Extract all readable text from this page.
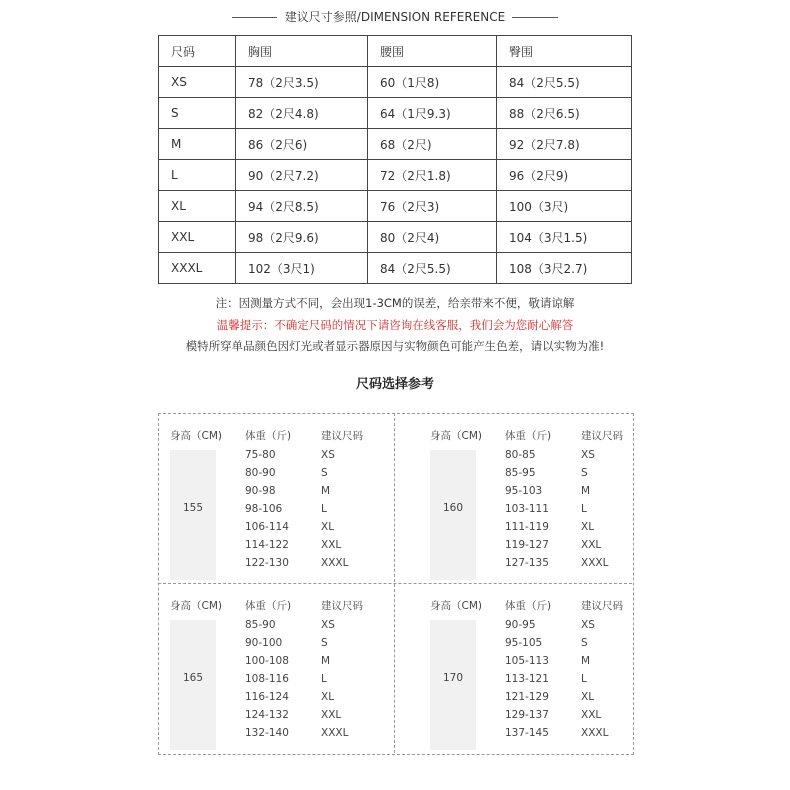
建议尺寸参照/DIMENSION REFERENCE
尺码	胸围	腰围	臀围
XS	78（2尺3.5)	60（1尺8)	84（2尺5.5)
S	82（2尺4.8)	64（1尺9.3)	88（2尺6.5)
M	86（2尺6)	68（2尺)	92（2尺7.8)
L	90（2尺7.2)	72（2尺1.8)	96（2尺9)
XL	94（2尺8.5)	76（2尺3)	100（3尺)
XXL	98（2尺9.6)	80（2尺4)	104（3尺1.5)
XXXL	102（3尺1)	84（2尺5.5)	108（3尺2.7)
注：因测量方式不同，会出现1-3CM的误差，给亲带来不便，敬请谅解
温馨提示：不确定尺码的情况下请咨询在线客服，我们会为您耐心解答
模特所穿单品颜色因灯光或者显示器原因与实物颜色可能产生色差，请以实物为准!
尺码选择参考
身高（CM) 体重（斤)	建议尺码
155
75-80	XS
80-90	S
90-98	M
98-106	L
106-114	XL
114-122	XXL
122-130	XXXL
身高（CM) 体重（斤)	建议尺码
160
80-85	XS
85-95	S
95-103	M
103-111	L
111-119	XL
119-127	XXL
127-135	XXXL
身高（CM) 体重（斤)	建议尺码
165
85-90	XS
90-100	S
100-108	M
108-116	L
116-124	XL
124-132	XXL
132-140	XXXL
身高（CM) 体重（斤)	建议尺码
170
90-95	XS
95-105	S
105-113	M
113-121	L
121-129	XL
129-137	XXL
137-145	XXXL
